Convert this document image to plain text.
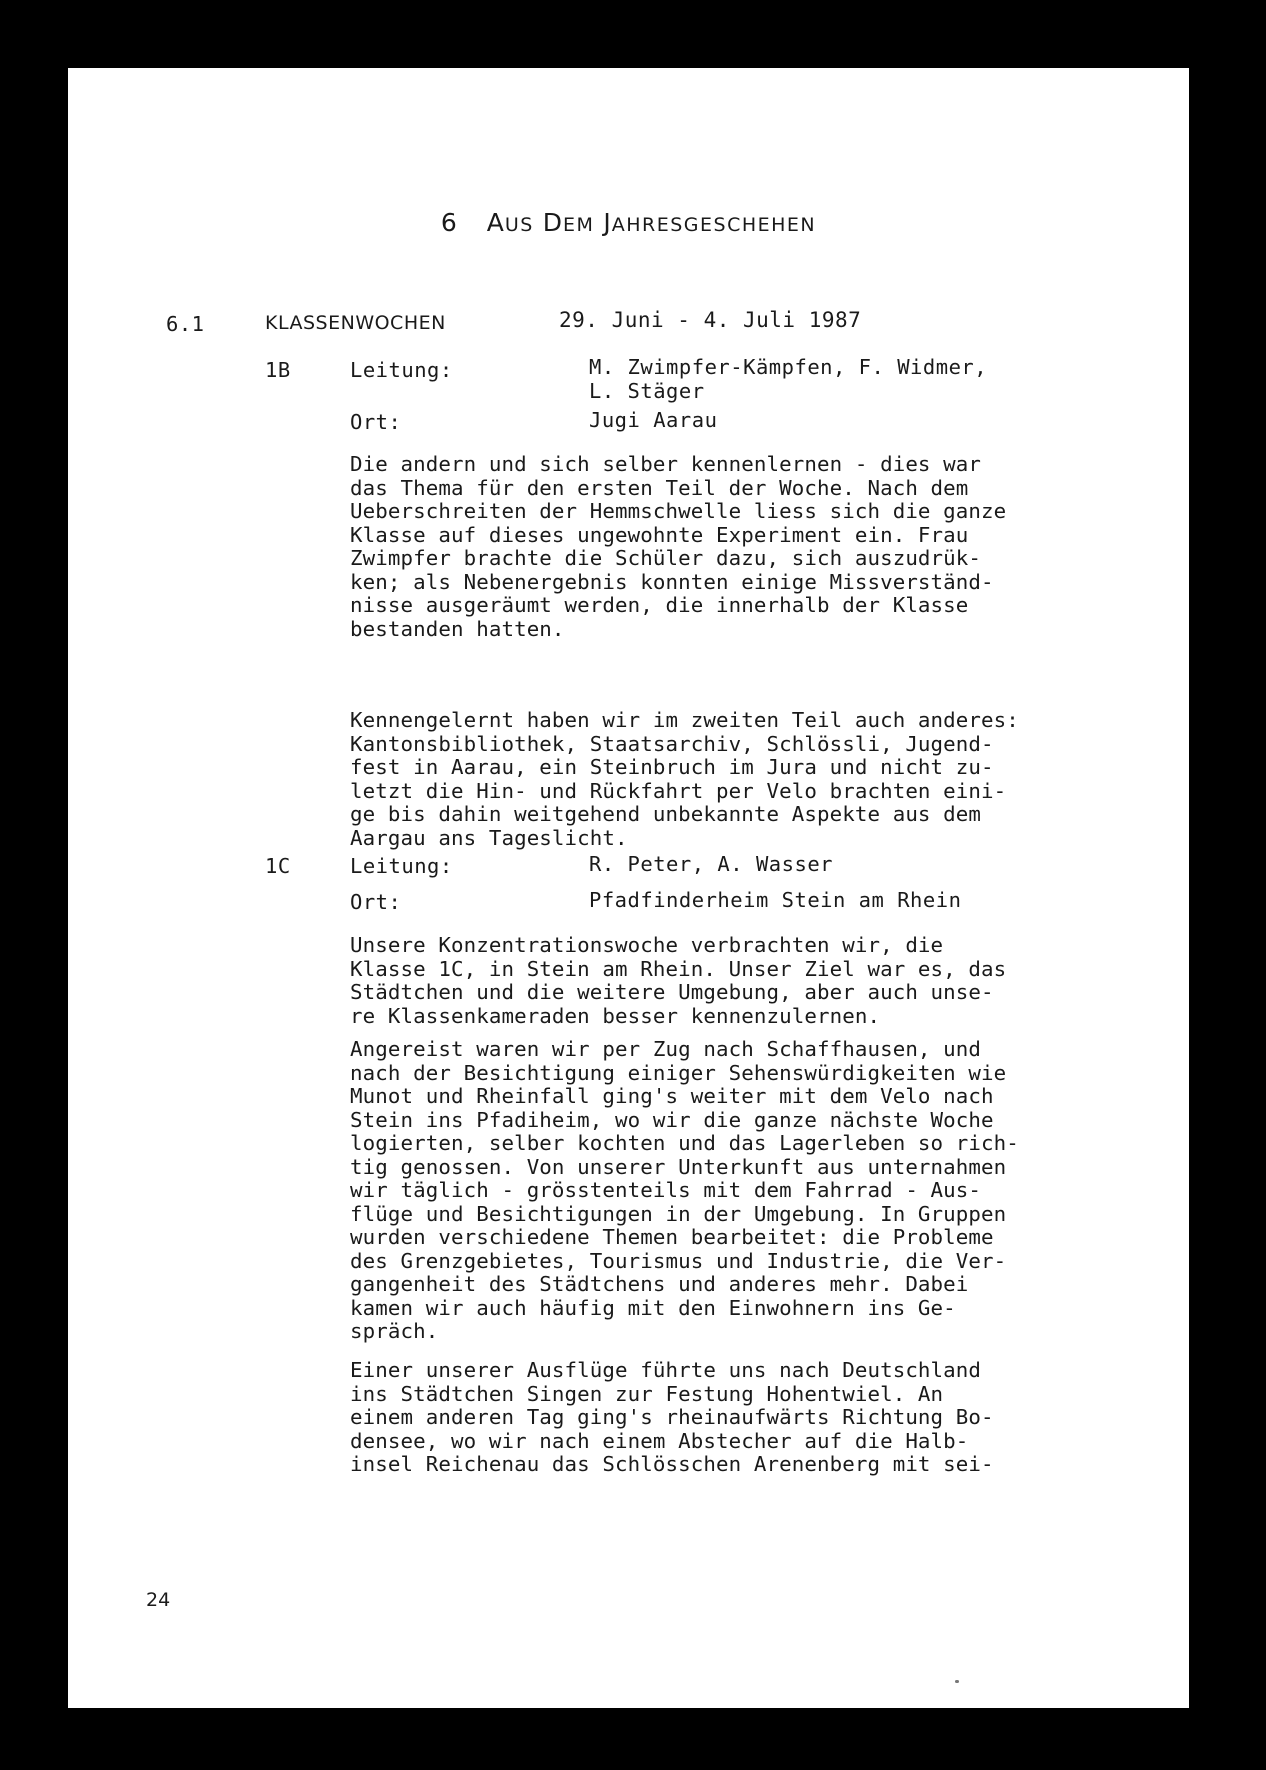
6 AUS DEM JAHRESGESCHEHEN
6.1	KLASSENWOCHEN	29. Juni - 4. Juli 1987
1B	Leitung:	M. Zwimpfer-Kämpfen, F. Widmer,
L. Stäger
Ort:	Jugi Aarau

Die andern und sich selber kennenlernen - dies war
das Thema für den ersten Teil der Woche. Nach dem
Ueberschreiten der Hemmschwelle liess sich die ganze
Klasse auf dieses ungewohnte Experiment ein. Frau
Zwimpfer brachte die Schüler dazu, sich auszudrük-
ken; als Nebenergebnis konnten einige Missverständ-
nisse ausgeräumt werden, die innerhalb der Klasse
bestanden hatten.

Kennengelernt haben wir im zweiten Teil auch anderes:
Kantonsbibliothek, Staatsarchiv, Schlössli, Jugend-
fest in Aarau, ein Steinbruch im Jura und nicht zu-
letzt die Hin- und Rückfahrt per Velo brachten eini-
ge bis dahin weitgehend unbekannte Aspekte aus dem
Aargau ans Tageslicht.

1C	Leitung:	R. Peter, A. Wasser
Ort:	Pfadfinderheim Stein am Rhein

Unsere Konzentrationswoche verbrachten wir, die
Klasse 1C, in Stein am Rhein. Unser Ziel war es, das
Städtchen und die weitere Umgebung, aber auch unse-
re Klassenkameraden besser kennenzulernen.

Angereist waren wir per Zug nach Schaffhausen, und
nach der Besichtigung einiger Sehenswürdigkeiten wie
Munot und Rheinfall ging's weiter mit dem Velo nach
Stein ins Pfadiheim, wo wir die ganze nächste Woche
logierten, selber kochten und das Lagerleben so rich-
tig genossen. Von unserer Unterkunft aus unternahmen
wir täglich - grösstenteils mit dem Fahrrad - Aus-
flüge und Besichtigungen in der Umgebung. In Gruppen
wurden verschiedene Themen bearbeitet: die Probleme
des Grenzgebietes, Tourismus und Industrie, die Ver-
gangenheit des Städtchens und anderes mehr. Dabei
kamen wir auch häufig mit den Einwohnern ins Ge-
spräch.

Einer unserer Ausflüge führte uns nach Deutschland
ins Städtchen Singen zur Festung Hohentwiel. An
einem anderen Tag ging's rheinaufwärts Richtung Bo-
densee, wo wir nach einem Abstecher auf die Halb-
insel Reichenau das Schlösschen Arenenberg mit sei-

24
